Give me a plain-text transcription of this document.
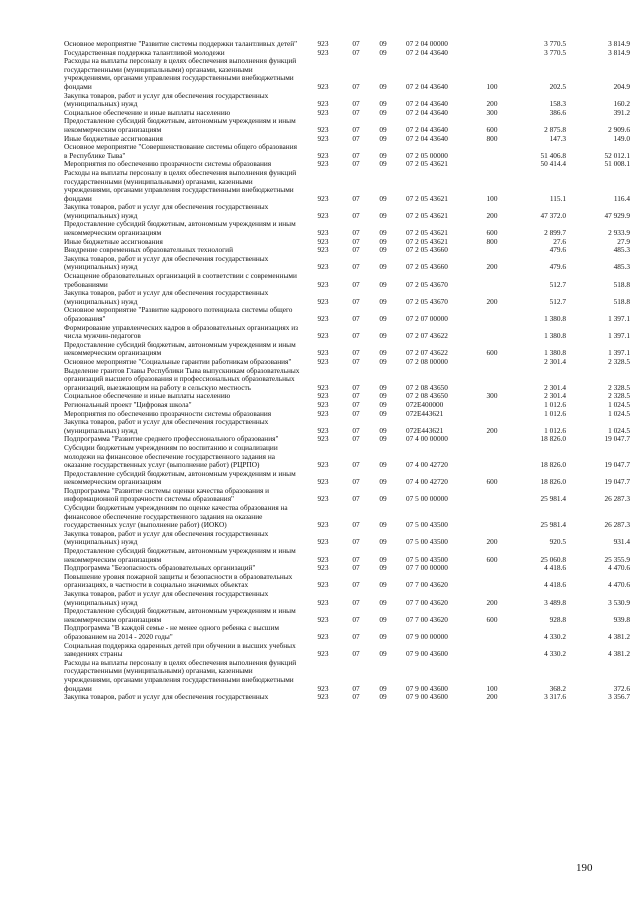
Основное мероприятие "Развитие системы поддержки талантливых детей"	923	07	09	07 2 04 00000		3 770.5	3 814.9
Государственная поддержка талантливой молодежи	923	07	09	07 2 04 43640		3 770.5	3 814.9
Расходы на выплаты персоналу в целях обеспечения выполнения функций государственными (муниципальными) органами, казенными учреждениями, органами управления государственными внебюджетными фондами	923	07	09	07 2 04 43640	100	202.5	204.9
Закупка товаров, работ и услуг для обеспечения государственных (муниципальных) нужд	923	07	09	07 2 04 43640	200	158.3	160.2
Социальное обеспечение и иные выплаты населению	923	07	09	07 2 04 43640	300	386.6	391.2
Предоставление субсидий бюджетным, автономным учреждениям и иным некоммерческим организациям	923	07	09	07 2 04 43640	600	2 875.8	2 909.6
Иные бюджетные ассигнования	923	07	09	07 2 04 43640	800	147.3	149.0
Основное мероприятие "Совершенствование системы общего образования в Республике Тыва"	923	07	09	07 2 05 00000		51 406.8	52 012.1
Мероприятия по обеспечению прозрачности системы образования	923	07	09	07 2 05 43621		50 414.4	51 008.1
Расходы на выплаты персоналу в целях обеспечения выполнения функций государственными (муниципальными) органами, казенными учреждениями, органами управления государственными внебюджетными фондами	923	07	09	07 2 05 43621	100	115.1	116.4
Закупка товаров, работ и услуг для обеспечения государственных (муниципальных) нужд	923	07	09	07 2 05 43621	200	47 372.0	47 929.9
Предоставление субсидий бюджетным, автономным учреждениям и иным некоммерческим организациям	923	07	09	07 2 05 43621	600	2 899.7	2 933.9
Иные бюджетные ассигнования	923	07	09	07 2 05 43621	800	27.6	27.9
Внедрение современных образовательных технологий	923	07	09	07 2 05 43660		479.6	485.3
Закупка товаров, работ и услуг для обеспечения государственных (муниципальных) нужд	923	07	09	07 2 05 43660	200	479.6	485.3
Оснащение образовательных организаций в соответствии с современными требованиями	923	07	09	07 2 05 43670		512.7	518.8
Закупка товаров, работ и услуг для обеспечения государственных (муниципальных) нужд	923	07	09	07 2 05 43670	200	512.7	518.8
Основное мероприятие "Развитие кадрового потенциала системы общего образования"	923	07	09	07 2 07 00000		1 380.8	1 397.1
Формирование управленческих кадров в образовательных организациях из числа мужчин-педагогов	923	07	09	07 2 07 43622		1 380.8	1 397.1
Предоставление субсидий бюджетным, автономным учреждениям и иным некоммерческим организациям	923	07	09	07 2 07 43622	600	1 380.8	1 397.1
Основное мероприятие "Социальные гарантии работникам образования"	923	07	09	07 2 08 00000		2 301.4	2 328.5
Выделение грантов Главы Республики Тыва выпускникам образовательных организаций высшего образования и профессиональных образовательных организаций, выезжающим на работу в сельскую местность	923	07	09	07 2 08 43650		2 301.4	2 328.5
Социальное обеспечение и иные выплаты населению	923	07	09	07 2 08 43650	300	2 301.4	2 328.5
Региональный проект "Цифровая школа"	923	07	09	072E400000		1 012.6	1 024.5
Мероприятия по обеспечению прозрачности системы образования	923	07	09	072E443621		1 012.6	1 024.5
Закупка товаров, работ и услуг для обеспечения государственных (муниципальных) нужд	923	07	09	072E443621	200	1 012.6	1 024.5
Подпрограмма "Развитие среднего профессионального образования"	923	07	09	07 4 00 00000		18 826.0	19 047.7
Субсидии бюджетным учреждениям по воспитанию и социализации молодежи на финансовое обеспечение государственного задания на оказание государственных услуг (выполнение работ) (РЦРПО)	923	07	09	07 4 00 42720		18 826.0	19 047.7
Предоставление субсидий бюджетным, автономным учреждениям и иным некоммерческим организациям	923	07	09	07 4 00 42720	600	18 826.0	19 047.7
Подпрограмма "Развитие системы оценки качества образования и информационной прозрачности системы образования"	923	07	09	07 5 00 00000		25 981.4	26 287.3
Субсидии бюджетным учреждениям по оценке качества образования на финансовое обеспечение государственного задания на оказание государственных услуг (выполнение работ) (ИОКО)	923	07	09	07 5 00 43500		25 981.4	26 287.3
Закупка товаров, работ и услуг для обеспечения государственных (муниципальных) нужд	923	07	09	07 5 00 43500	200	920.5	931.4
Предоставление субсидий бюджетным, автономным учреждениям и иным некоммерческим организациям	923	07	09	07 5 00 43500	600	25 060.8	25 355.9
Подпрограмма "Безопасность образовательных организаций"	923	07	09	07 7 00 00000		4 418.6	4 470.6
Повышение уровня пожарной защиты и безопасности в образовательных организациях, в частности в социально значимых объектах	923	07	09	07 7 00 43620		4 418.6	4 470.6
Закупка товаров, работ и услуг для обеспечения государственных (муниципальных) нужд	923	07	09	07 7 00 43620	200	3 489.8	3 530.9
Предоставление субсидий бюджетным, автономным учреждениям и иным некоммерческим организациям	923	07	09	07 7 00 43620	600	928.8	939.8
Подпрограмма "В каждой семье - не менее одного ребенка с высшим образованием на 2014 - 2020 годы"	923	07	09	07 9 00 00000		4 330.2	4 381.2
Социальная поддержка одаренных детей при обучении в высших учебных заведениях страны	923	07	09	07 9 00 43600		4 330.2	4 381.2
Расходы на выплаты персоналу в целях обеспечения выполнения функций государственными (муниципальными) органами, казенными учреждениями, органами управления государственными внебюджетными фондами	923	07	09	07 9 00 43600	100	368.2	372.6
Закупка товаров, работ и услуг для обеспечения государственных	923	07	09	07 9 00 43600	200	3 317.6	3 356.7
190
